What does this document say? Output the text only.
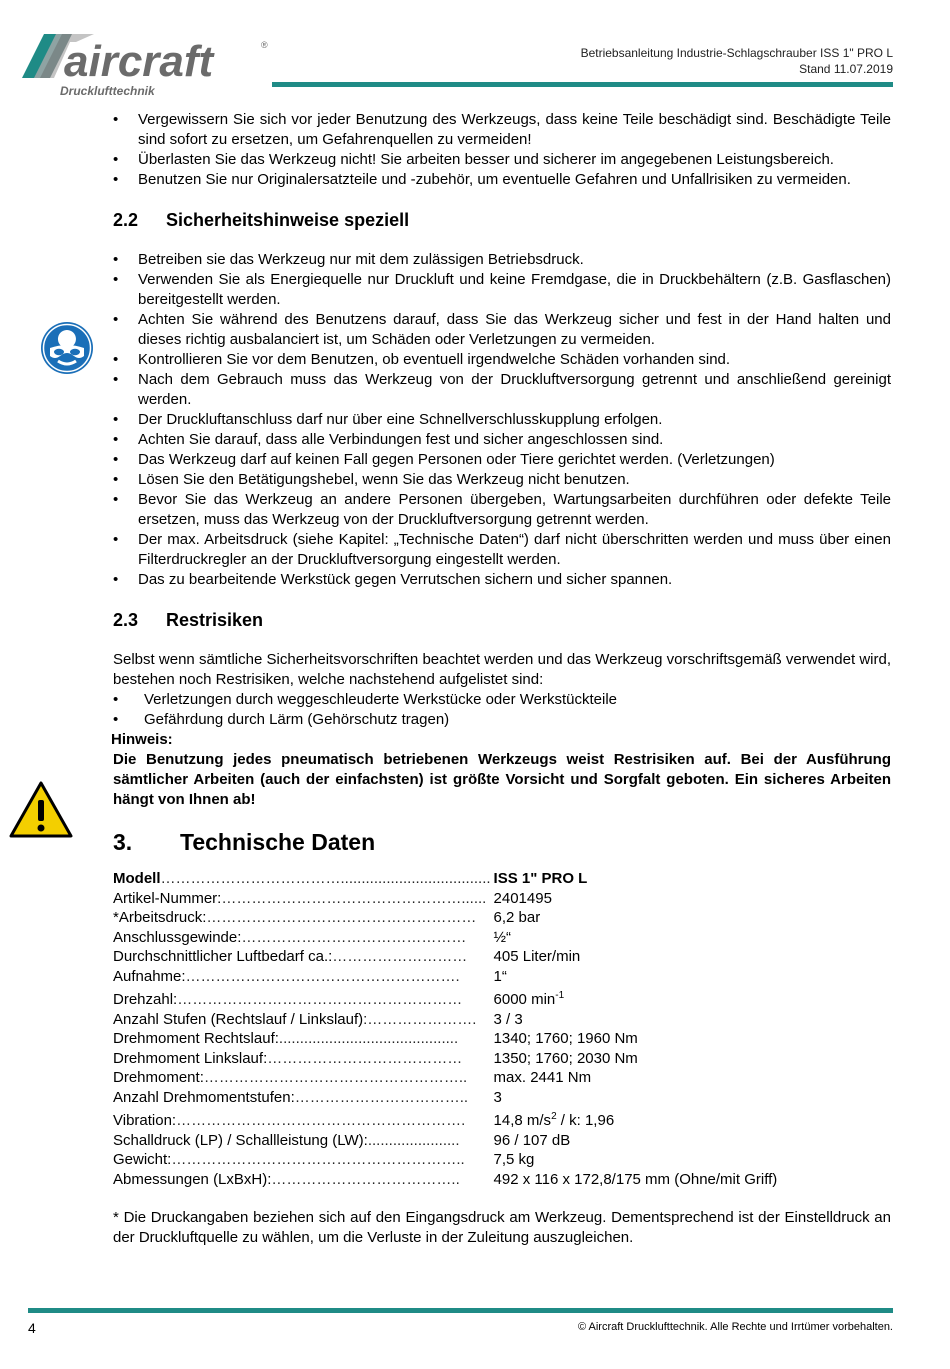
aircraft	®
Drucklufttechnik
Betriebsanleitung Industrie-Schlagschrauber ISS 1" PRO L
Stand 11.07.2019
• Vergewissern Sie sich vor jeder Benutzung des Werkzeugs, dass keine Teile beschädigt sind. Beschädigte Teile sind sofort zu ersetzen, um Gefahrenquellen zu vermeiden!
• Überlasten Sie das Werkzeug nicht! Sie arbeiten besser und sicherer im angegebenen Leistungsbereich.
• Benutzen Sie nur Originalersatzteile und -zubehör, um eventuelle Gefahren und Unfallrisiken zu vermeiden.
2.2 Sicherheitshinweise speziell
• Betreiben sie das Werkzeug nur mit dem zulässigen Betriebsdruck.
• Verwenden Sie als Energiequelle nur Druckluft und keine Fremdgase, die in Druckbehältern (z.B. Gasflaschen) bereitgestellt werden.
• Achten Sie während des Benutzens darauf, dass Sie das Werkzeug sicher und fest in der Hand halten und dieses richtig ausbalanciert ist, um Schäden oder Verletzungen zu vermeiden.
• Kontrollieren Sie vor dem Benutzen, ob eventuell irgendwelche Schäden vorhanden sind.
• Nach dem Gebrauch muss das Werkzeug von der Druckluftversorgung getrennt und anschließend gereinigt werden.
• Der Druckluftanschluss darf nur über eine Schnellverschlusskupplung erfolgen.
• Achten Sie darauf, dass alle Verbindungen fest und sicher angeschlossen sind.
• Das Werkzeug darf auf keinen Fall gegen Personen oder Tiere gerichtet werden. (Verletzungen)
• Lösen Sie den Betätigungshebel, wenn Sie das Werkzeug nicht benutzen.
• Bevor Sie das Werkzeug an andere Personen übergeben, Wartungsarbeiten durchführen oder defekte Teile ersetzen, muss das Werkzeug von der Druckluftversorgung getrennt werden.
• Der max. Arbeitsdruck (siehe Kapitel: „Technische Daten“) darf nicht überschritten werden und muss über einen Filterdruckregler an der Druckluftversorgung eingestellt werden.
• Das zu bearbeitende Werkstück gegen Verrutschen sichern und sicher spannen.
2.3 Restrisiken

Selbst wenn sämtliche Sicherheitsvorschriften beachtet werden und das Werkzeug vorschriftsgemäß verwendet wird, bestehen noch Restrisiken, welche nachstehend aufgelistet sind:

• Verletzungen durch weggeschleuderte Werkstücke oder Werkstückteile
• Gefährdung durch Lärm (Gehörschutz tragen)

Hinweis:

Die Benutzung jedes pneumatisch betriebenen Werkzeugs weist Restrisiken auf. Bei der Ausführung sämtlicher Arbeiten (auch der einfachsten) ist größte Vorsicht und Sorgfalt geboten. Ein sicheres Arbeiten hängt von Ihnen ab!

3. Technische Daten
Modell………………………………....................................	ISS 1" PRO L
Artikel-Nummer:…………………………………………......	2401495
*Arbeitsdruck:………………………………………………	6,2 bar
Anschlussgewinde:………………………………………	½“
Durchschnittlicher Luftbedarf ca.:………………………	405 Liter/min
Aufnahme:……………………………………………….	1“
Drehzahl:…………………………………………………	6000 $\min^{-1}$
Anzahl Stufen (Rechtslauf / Linkslauf):………………….	3 / 3
Drehmoment Rechtslauf:...........................................	1340; 1760; 1960 Nm
Drehmoment Linkslauf:…………………………………	1350; 1760; 2030 Nm
Drehmoment:……………………………………………..	max. 2441 Nm
Anzahl Drehmomentstufen:……………………………..	3
Vibration:………………………………………………….	14,8 $m/s^2$ / k: 1,96
Schalldruck (LP) / Schallleistung (LW):......................	96 / 107 dB
Gewicht:…………………………………………………..	7,5 kg
Abmessungen (LxBxH):………………………………..	492 x 116 x 172,8/175 mm (Ohne/mit Griff)

* Die Druckangaben beziehen sich auf den Eingangsdruck am Werkzeug. Dementsprechend ist der Einstelldruck an der Druckluftquelle zu wählen, um die Verluste in der Zuleitung auszugleichen.

4	© Aircraft Drucklufttechnik. Alle Rechte und Irrtümer vorbehalten.
